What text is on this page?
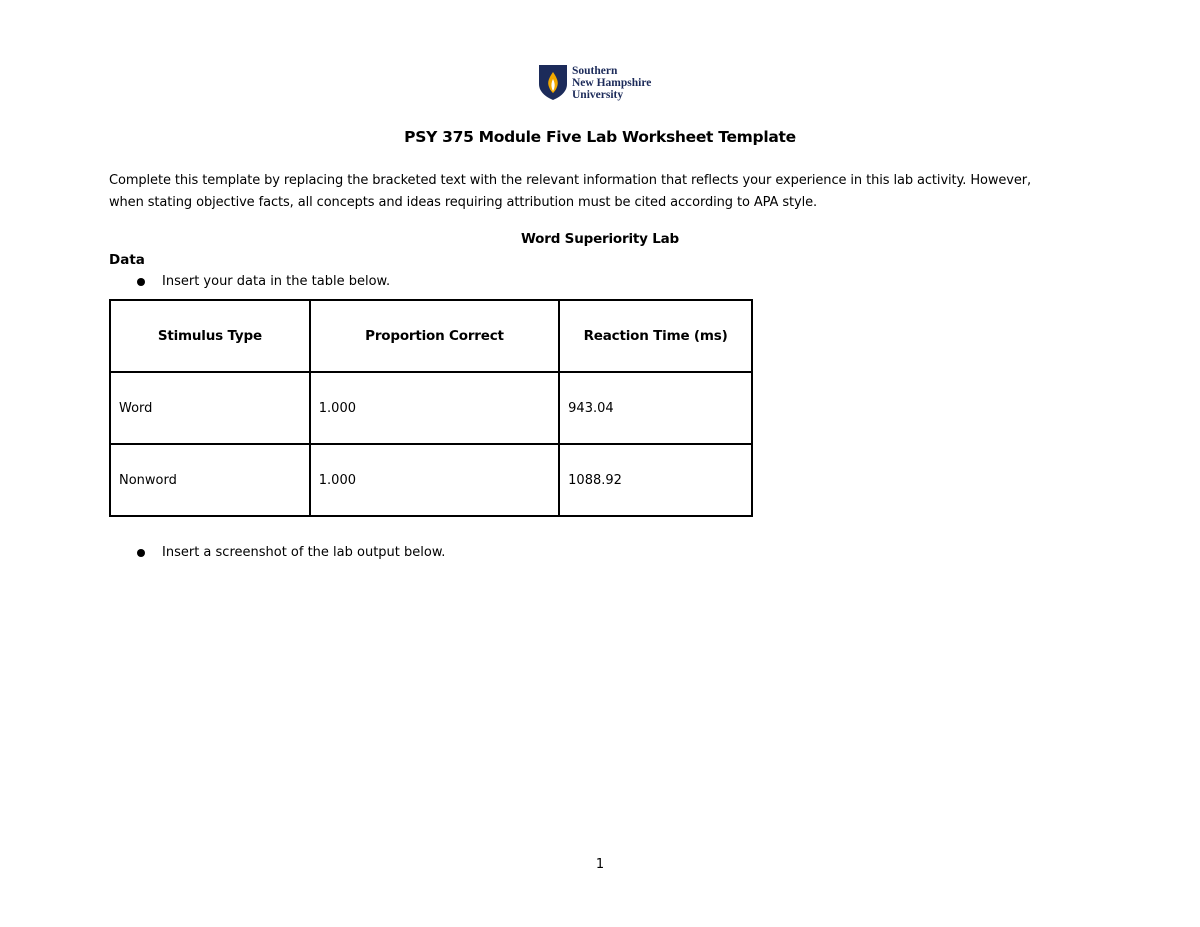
Southern
New Hampshire
University
PSY 375 Module Five Lab Worksheet Template
Complete this template by replacing the bracketed text with the relevant information that reflects your experience in this lab activity. However,
when stating objective facts, all concepts and ideas requiring attribution must be cited according to APA style.
Word Superiority Lab
Data
Insert your data in the table below.
Stimulus Type	Proportion Correct	Reaction Time (ms)
Word	1.000	943.04
Nonword	1.000	1088.92
Insert a screenshot of the lab output below.
1
